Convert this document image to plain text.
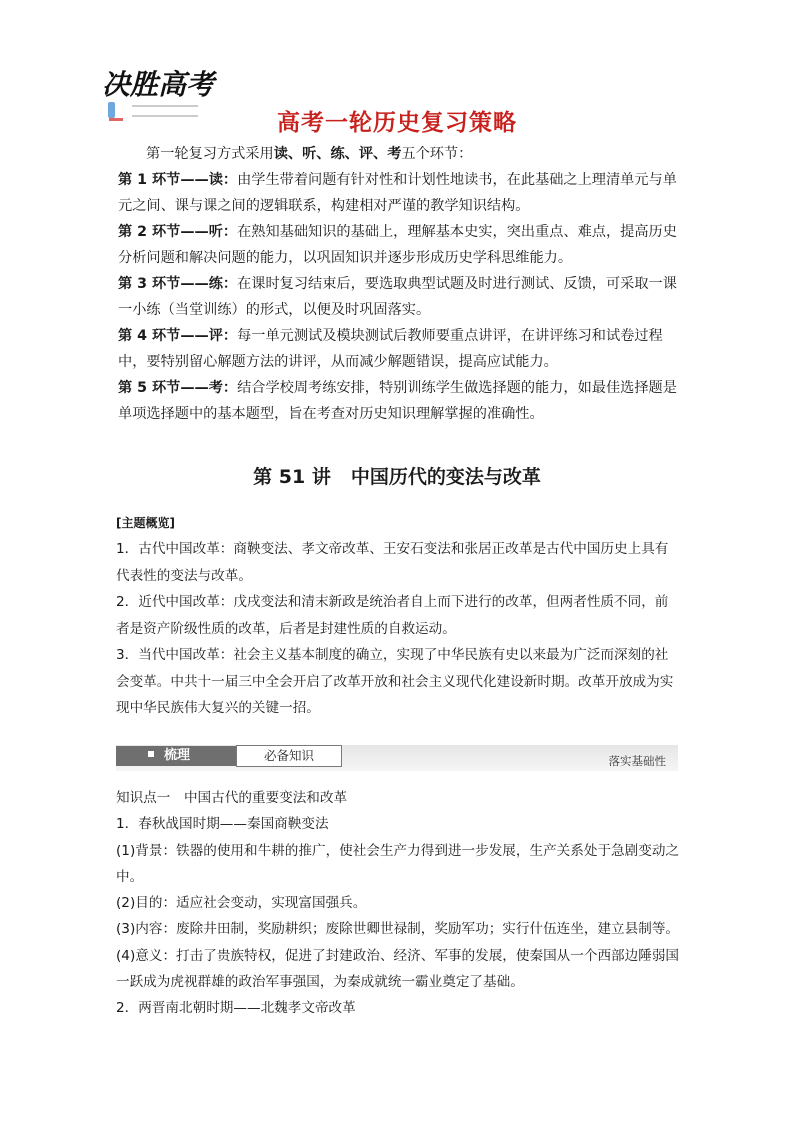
决胜高考
高考一轮历史复习策略

第一轮复习方式采用读、听、练、评、考五个环节：

第 1 环节——读：由学生带着问题有针对性和计划性地读书，在此基础之上理清单元与单元之间、课与课之间的逻辑联系，构建相对严谨的教学知识结构。

第 2 环节——听：在熟知基础知识的基础上，理解基本史实，突出重点、难点，提高历史分析问题和解决问题的能力，以巩固知识并逐步形成历史学科思维能力。

第 3 环节——练：在课时复习结束后，要选取典型试题及时进行测试、反馈，可采取一课一小练（当堂训练）的形式，以便及时巩固落实。

第 4 环节——评：每一单元测试及模块测试后教师要重点讲评，在讲评练习和试卷过程中，要特别留心解题方法的讲评，从而减少解题错误，提高应试能力。

第 5 环节——考：结合学校周考练安排，特别训练学生做选择题的能力，如最佳选择题是单项选择题中的基本题型，旨在考查对历史知识理解掌握的准确性。

第 51 讲 中国历代的变法与改革
[主题概览]

1．古代中国改革：商鞅变法、孝文帝改革、王安石变法和张居正改革是古代中国历史上具有代表性的变法与改革。

2．近代中国改革：戊戌变法和清末新政是统治者自上而下进行的改革，但两者性质不同，前者是资产阶级性质的改革，后者是封建性质的自救运动。

3．当代中国改革：社会主义基本制度的确立，实现了中华民族有史以来最为广泛而深刻的社会变革。中共十一届三中全会开启了改革开放和社会主义现代化建设新时期。改革开放成为实现中华民族伟大复兴的关键一招。

梳理	必备知识	落实基础性

知识点一　中国古代的重要变法和改革

1．春秋战国时期——秦国商鞅变法

(1)背景：铁器的使用和牛耕的推广，使社会生产力得到进一步发展，生产关系处于急剧变动之中。

(2)目的：适应社会变动，实现富国强兵。

(3)内容：废除井田制，奖励耕织；废除世卿世禄制，奖励军功；实行什伍连坐，建立县制等。

(4)意义：打击了贵族特权，促进了封建政治、经济、军事的发展，使秦国从一个西部边陲弱国一跃成为虎视群雄的政治军事强国，为秦成就统一霸业奠定了基础。

2．两晋南北朝时期——北魏孝文帝改革
